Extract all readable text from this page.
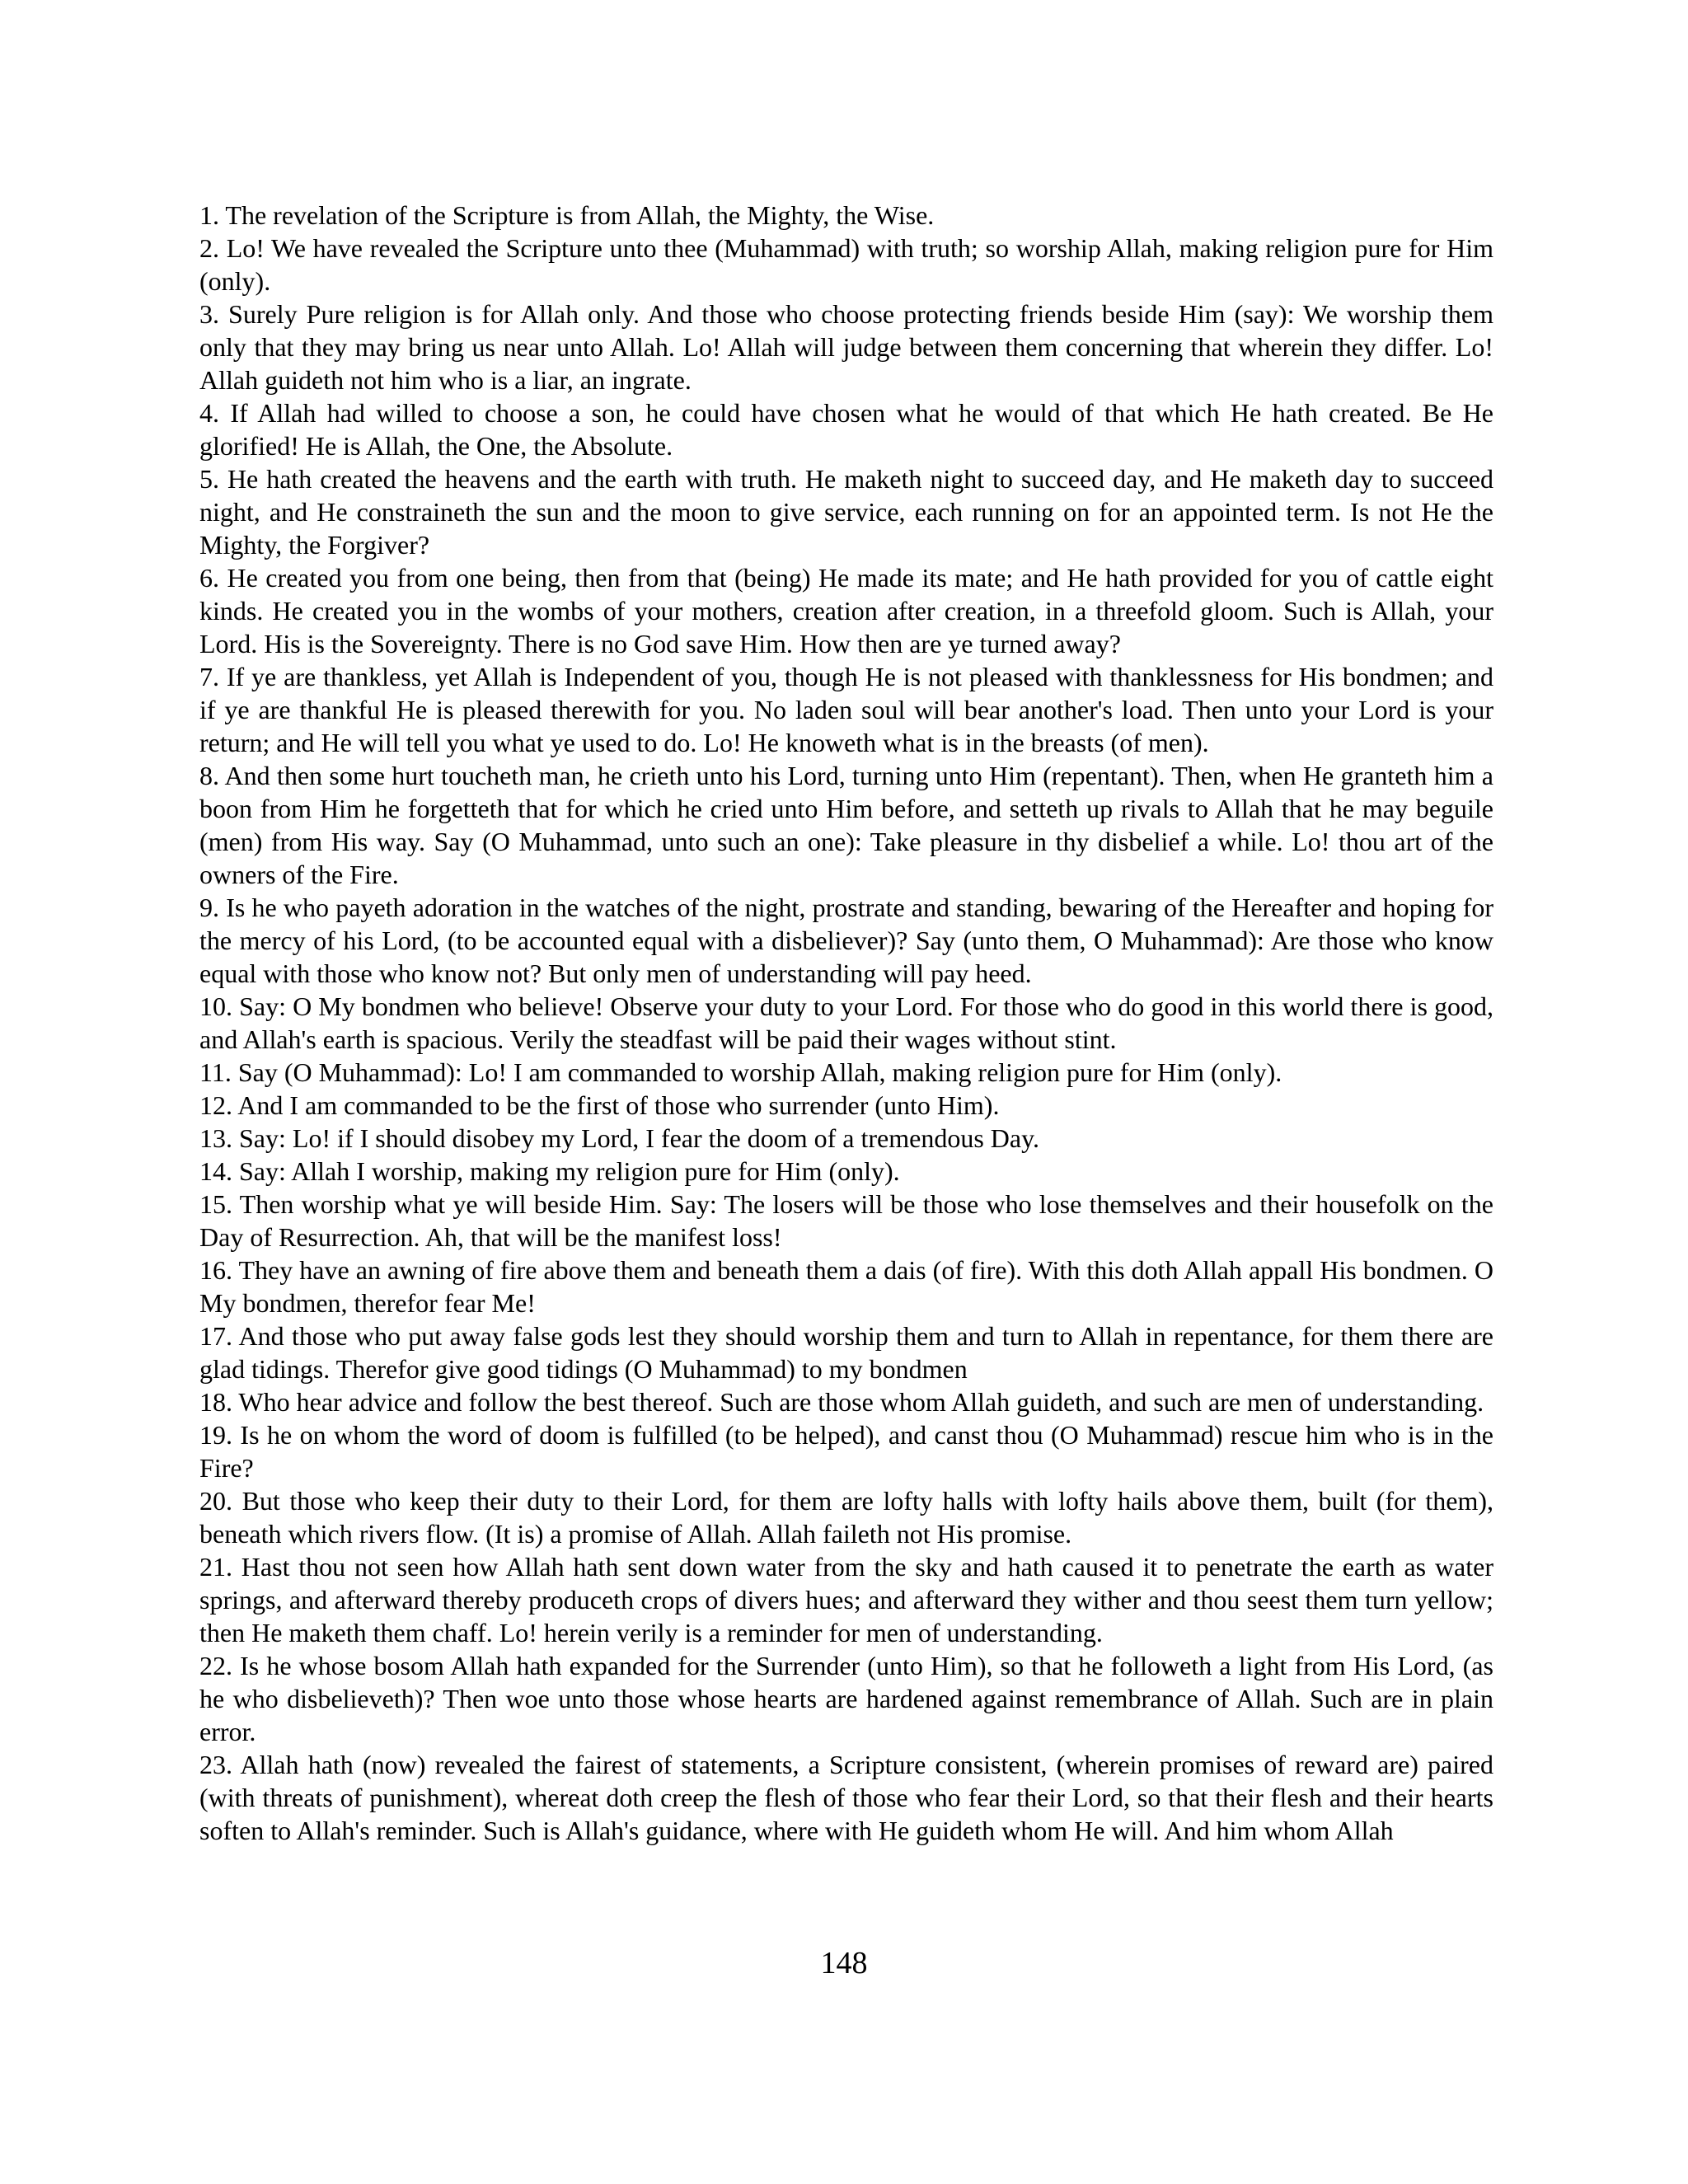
1. The revelation of the Scripture is from Allah, the Mighty, the Wise.

2. Lo! We have revealed the Scripture unto thee (Muhammad) with truth; so worship Allah, making religion pure for Him (only).

3. Surely Pure religion is for Allah only. And those who choose protecting friends beside Him (say): We worship them only that they may bring us near unto Allah. Lo! Allah will judge between them concerning that wherein they differ. Lo! Allah guideth not him who is a liar, an ingrate.

4. If Allah had willed to choose a son, he could have chosen what he would of that which He hath created. Be He glorified! He is Allah, the One, the Absolute.

5. He hath created the heavens and the earth with truth. He maketh night to succeed day, and He maketh day to succeed night, and He constraineth the sun and the moon to give service, each running on for an appointed term. Is not He the Mighty, the Forgiver?

6. He created you from one being, then from that (being) He made its mate; and He hath provided for you of cattle eight kinds. He created you in the wombs of your mothers, creation after creation, in a threefold gloom. Such is Allah, your Lord. His is the Sovereignty. There is no God save Him. How then are ye turned away?

7. If ye are thankless, yet Allah is Independent of you, though He is not pleased with thanklessness for His bondmen; and if ye are thankful He is pleased therewith for you. No laden soul will bear another's load. Then unto your Lord is your return; and He will tell you what ye used to do. Lo! He knoweth what is in the breasts (of men).

8. And then some hurt toucheth man, he crieth unto his Lord, turning unto Him (repentant). Then, when He granteth him a boon from Him he forgetteth that for which he cried unto Him before, and setteth up rivals to Allah that he may beguile (men) from His way. Say (O Muhammad, unto such an one): Take pleasure in thy disbelief a while. Lo! thou art of the owners of the Fire.

9. Is he who payeth adoration in the watches of the night, prostrate and standing, bewaring of the Hereafter and hoping for the mercy of his Lord, (to be accounted equal with a disbeliever)? Say (unto them, O Muhammad): Are those who know equal with those who know not? But only men of understanding will pay heed.

10. Say: O My bondmen who believe! Observe your duty to your Lord. For those who do good in this world there is good, and Allah's earth is spacious. Verily the steadfast will be paid their wages without stint.

11. Say (O Muhammad): Lo! I am commanded to worship Allah, making religion pure for Him (only).

12. And I am commanded to be the first of those who surrender (unto Him).

13. Say: Lo! if I should disobey my Lord, I fear the doom of a tremendous Day.

14. Say: Allah I worship, making my religion pure for Him (only).

15. Then worship what ye will beside Him. Say: The losers will be those who lose themselves and their housefolk on the Day of Resurrection. Ah, that will be the manifest loss!

16. They have an awning of fire above them and beneath them a dais (of fire). With this doth Allah appall His bondmen. O My bondmen, therefor fear Me!

17. And those who put away false gods lest they should worship them and turn to Allah in repentance, for them there are glad tidings. Therefor give good tidings (O Muhammad) to my bondmen

18. Who hear advice and follow the best thereof. Such are those whom Allah guideth, and such are men of understanding.

19. Is he on whom the word of doom is fulfilled (to be helped), and canst thou (O Muhammad) rescue him who is in the Fire?

20. But those who keep their duty to their Lord, for them are lofty halls with lofty hails above them, built (for them), beneath which rivers flow. (It is) a promise of Allah. Allah faileth not His promise.

21. Hast thou not seen how Allah hath sent down water from the sky and hath caused it to penetrate the earth as water springs, and afterward thereby produceth crops of divers hues; and afterward they wither and thou seest them turn yellow; then He maketh them chaff. Lo! herein verily is a reminder for men of understanding.

22. Is he whose bosom Allah hath expanded for the Surrender (unto Him), so that he followeth a light from His Lord, (as he who disbelieveth)? Then woe unto those whose hearts are hardened against remembrance of Allah. Such are in plain error.

23. Allah hath (now) revealed the fairest of statements, a Scripture consistent, (wherein promises of reward are) paired (with threats of punishment), whereat doth creep the flesh of those who fear their Lord, so that their flesh and their hearts soften to Allah's reminder. Such is Allah's guidance, where with He guideth whom He will. And him whom Allah

148
